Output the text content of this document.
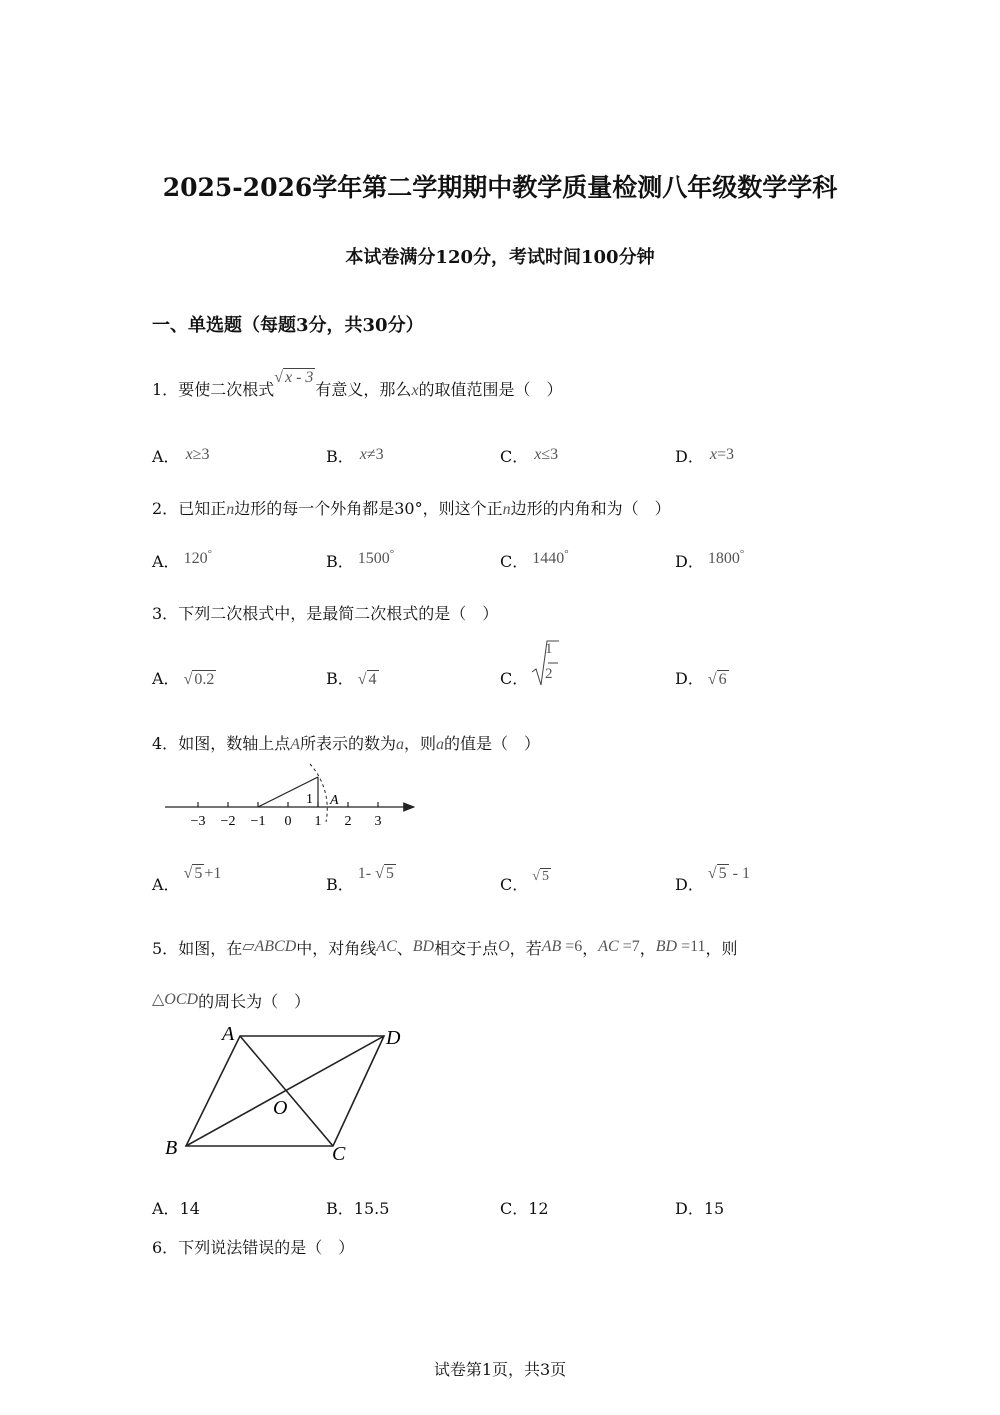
2025-2026学年第二学期期中教学质量检测八年级数学学科
本试卷满分120分，考试时间100分钟
一、单选题（每题3分，共30分）
1．要使二次根式√ x - 3有意义，那么x的取值范围是（　）
A． x≥3	B． x≠3	C． x≤3	D． x=3
2．已知正n边形的每一个外角都是30°，则这个正n边形的内角和为（　）
A． 120°	B． 1500°	C． 1440°	D． 1800°
3．下列二次根式中，是最简二次根式的是（　）
A． √ 0.2	B． √ 4	C．
1
2	D． √ 6
4．如图，数轴上点A所表示的数为a，则a的值是（　）
−3 −2 −1 0 1 2 3
1 A
A．√ 5 +1
B．1- √ 5
C． √ 5	D．√ 5 - 1
5．如图，在▱ABCD中，对角线AC、BD相交于点O，若AB =6，AC =7，BD =11，则
△OCD的周长为（　）
A	D
B	C
O
A．14	B．15.5	C．12	D．15
6．下列说法错误的是（　）
试卷第1页，共3页
